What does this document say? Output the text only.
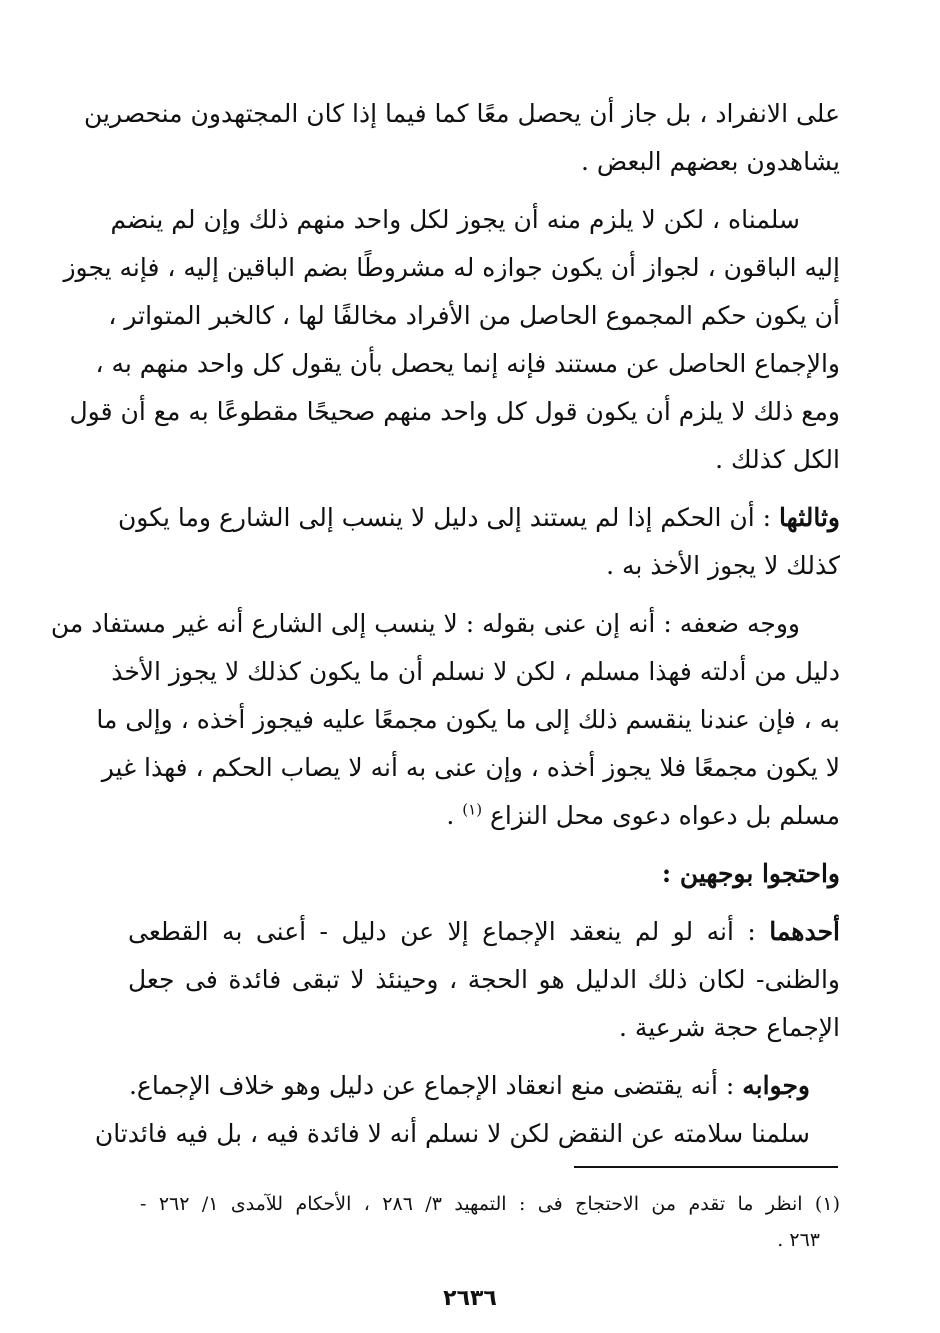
على الانفراد ، بل جاز أن يحصل معًا كما فيما إذا كان المجتهدون منحصرين
يشاهدون بعضهم البعض .
سلمناه ، لكن لا يلزم منه أن يجوز لكل واحد منهم ذلك وإن لم ينضم
إليه الباقون ، لجواز أن يكون جوازه له مشروطًا بضم الباقين إليه ، فإنه يجوز
أن يكون حكم المجموع الحاصل من الأفراد مخالفًا لها ، كالخبر المتواتر ،
والإجماع الحاصل عن مستند فإنه إنما يحصل بأن يقول كل واحد منهم به ،
ومع ذلك لا يلزم أن يكون قول كل واحد منهم صحيحًا مقطوعًا به مع أن قول
الكل كذلك .
وثالثها : أن الحكم إذا لم يستند إلى دليل لا ينسب إلى الشارع وما يكون
كذلك لا يجوز الأخذ به .
ووجه ضعفه : أنه إن عنى بقوله : لا ينسب إلى الشارع أنه غير مستفاد من
دليل من أدلته فهذا مسلم ، لكن لا نسلم أن ما يكون كذلك لا يجوز الأخذ
به ، فإن عندنا ينقسم ذلك إلى ما يكون مجمعًا عليه فيجوز أخذه ، وإلى ما
لا يكون مجمعًا فلا يجوز أخذه ، وإن عنى به أنه لا يصاب الحكم ، فهذا غير
مسلم بل دعواه دعوى محل النزاع $^{(١)}$ .
واحتجوا بوجهين :
أحدهما : أنه لو لم ينعقد الإجماع إلا عن دليل - أعنى به القطعى
والظنى- لكان ذلك الدليل هو الحجة ، وحينئذ لا تبقى فائدة فى جعل
الإجماع حجة شرعية .
وجوابه : أنه يقتضى منع انعقاد الإجماع عن دليل وهو خلاف الإجماع.
سلمنا سلامته عن النقض لكن لا نسلم أنه لا فائدة فيه ، بل فيه فائدتان
(١) انظر ما تقدم من الاحتجاج فى : التمهيد ٣/ ٢٨٦ ، الأحكام للآمدى ١/ ٢٦٢ -
٢٦٣ .
٢٦٣٦
